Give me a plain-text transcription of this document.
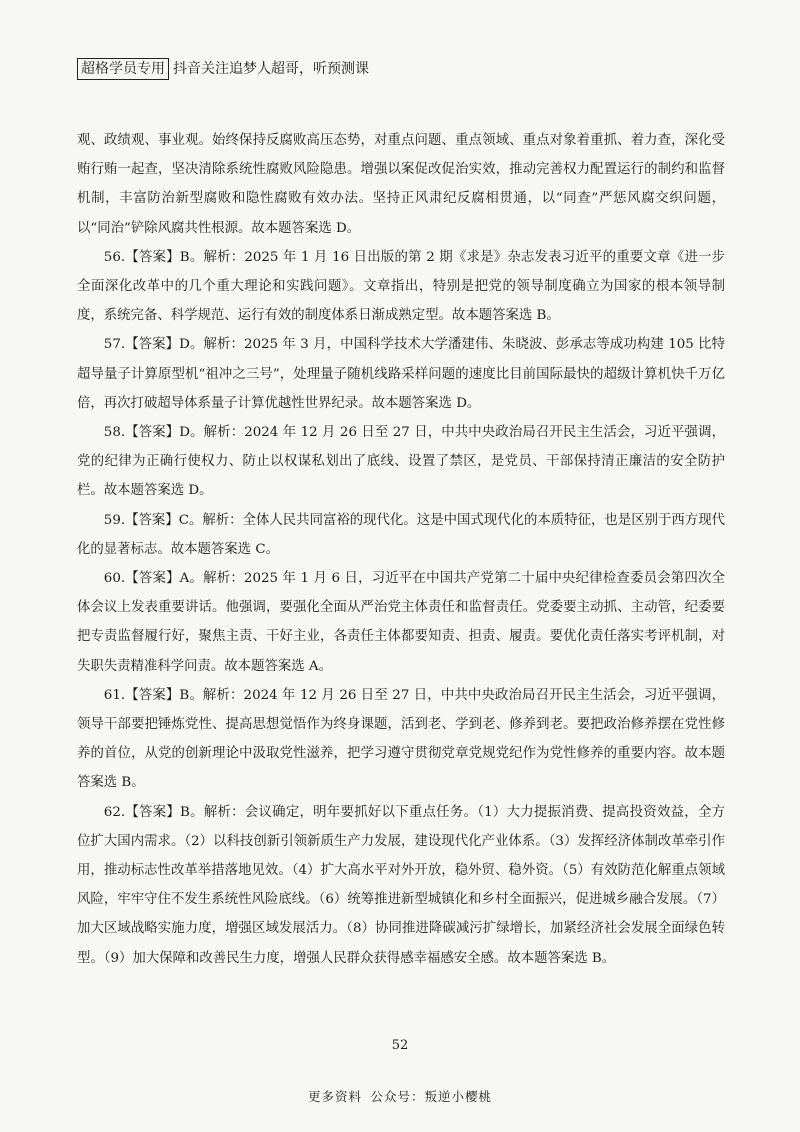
超格学员专用 抖音关注追梦人超哥，听预测课

观、政绩观、事业观。始终保持反腐败高压态势，对重点问题、重点领域、重点对象着重抓、着力查，深化受贿行贿一起查，坚决清除系统性腐败风险隐患。增强以案促改促治实效，推动完善权力配置运行的制约和监督机制，丰富防治新型腐败和隐性腐败有效办法。坚持正风肃纪反腐相贯通，以“同查”严惩风腐交织问题，以“同治”铲除风腐共性根源。故本题答案选 D。

56.【答案】B。解析：2025 年 1 月 16 日出版的第 2 期《求是》杂志发表习近平的重要文章《进一步全面深化改革中的几个重大理论和实践问题》。文章指出，特别是把党的领导制度确立为国家的根本领导制度，系统完备、科学规范、运行有效的制度体系日渐成熟定型。故本题答案选 B。

57.【答案】D。解析：2025 年 3 月，中国科学技术大学潘建伟、朱晓波、彭承志等成功构建 105 比特超导量子计算原型机“祖冲之三号”，处理量子随机线路采样问题的速度比目前国际最快的超级计算机快千万亿倍，再次打破超导体系量子计算优越性世界纪录。故本题答案选 D。

58.【答案】D。解析：2024 年 12 月 26 日至 27 日，中共中央政治局召开民主生活会，习近平强调，党的纪律为正确行使权力、防止以权谋私划出了底线、设置了禁区，是党员、干部保持清正廉洁的安全防护栏。故本题答案选 D。

59.【答案】C。解析：全体人民共同富裕的现代化。这是中国式现代化的本质特征，也是区别于西方现代化的显著标志。故本题答案选 C。

60.【答案】A。解析：2025 年 1 月 6 日，习近平在中国共产党第二十届中央纪律检查委员会第四次全体会议上发表重要讲话。他强调，要强化全面从严治党主体责任和监督责任。党委要主动抓、主动管，纪委要把专责监督履行好，聚焦主责、干好主业，各责任主体都要知责、担责、履责。要优化责任落实考评机制，对失职失责精准科学问责。故本题答案选 A。

61.【答案】B。解析：2024 年 12 月 26 日至 27 日，中共中央政治局召开民主生活会，习近平强调，领导干部要把锤炼党性、提高思想觉悟作为终身课题，活到老、学到老、修养到老。要把政治修养摆在党性修养的首位，从党的创新理论中汲取党性滋养，把学习遵守贯彻党章党规党纪作为党性修养的重要内容。故本题答案选 B。

62.【答案】B。解析：会议确定，明年要抓好以下重点任务。（1）大力提振消费、提高投资效益，全方位扩大国内需求。（2）以科技创新引领新质生产力发展，建设现代化产业体系。（3）发挥经济体制改革牵引作用，推动标志性改革举措落地见效。（4）扩大高水平对外开放，稳外贸、稳外资。（5）有效防范化解重点领域风险，牢牢守住不发生系统性风险底线。（6）统筹推进新型城镇化和乡村全面振兴，促进城乡融合发展。（7）加大区域战略实施力度，增强区域发展活力。（8）协同推进降碳减污扩绿增长，加紧经济社会发展全面绿色转型。（9）加大保障和改善民生力度，增强人民群众获得感幸福感安全感。故本题答案选 B。

52
更多资料 公众号：叛逆小樱桃
